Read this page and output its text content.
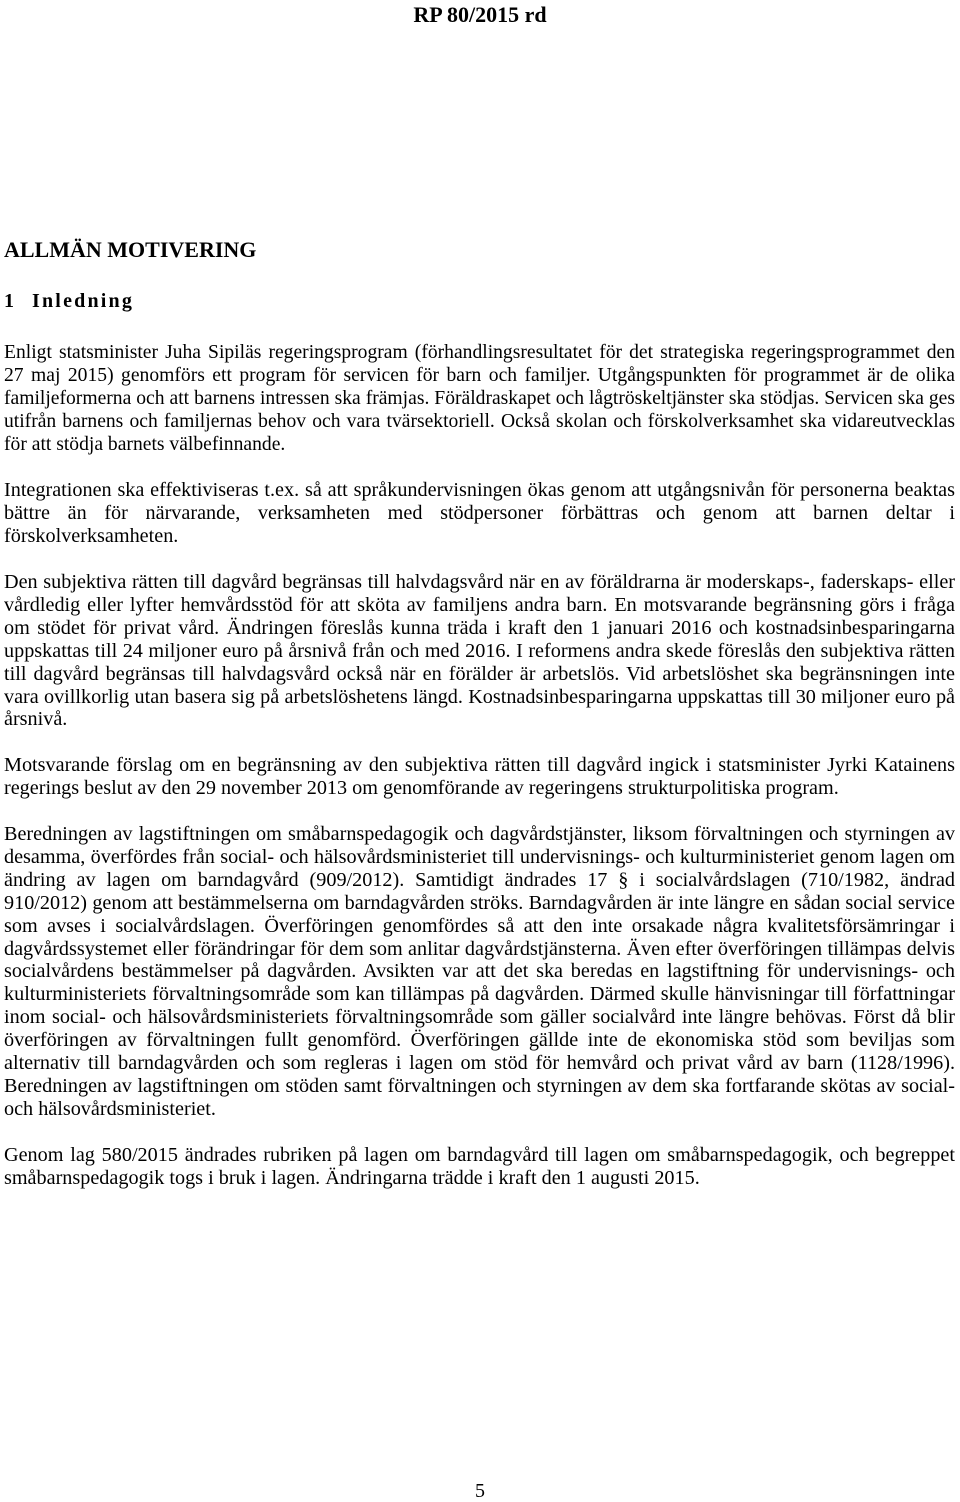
RP 80/2015 rd
ALLMÄN MOTIVERING
1 Inledning

Enligt statsminister Juha Sipiläs regeringsprogram (förhandlingsresultatet för det strategiska regeringsprogrammet den 27 maj 2015) genomförs ett program för servicen för barn och familjer. Utgångspunkten för programmet är de olika familjeformerna och att barnens intressen ska främjas. Föräldraskapet och lågtröskeltjänster ska stödjas. Servicen ska ges utifrån barnens och familjernas behov och vara tvärsektoriell. Också skolan och förskolverksamhet ska vidareutvecklas för att stödja barnets välbefinnande.

Integrationen ska effektiviseras t.ex. så att språkundervisningen ökas genom att utgångsnivån för personerna beaktas bättre än för närvarande, verksamheten med stödpersoner förbättras och genom att barnen deltar i förskolverksamheten.

Den subjektiva rätten till dagvård begränsas till halvdagsvård när en av föräldrarna är moderskaps-, faderskaps- eller vårdledig eller lyfter hemvårdsstöd för att sköta av familjens andra barn. En motsvarande begränsning görs i fråga om stödet för privat vård. Ändringen föreslås kunna träda i kraft den 1 januari 2016 och kostnadsinbesparingarna uppskattas till 24 miljoner euro på årsnivå från och med 2016. I reformens andra skede föreslås den subjektiva rätten till dagvård begränsas till halvdagsvård också när en förälder är arbetslös. Vid arbetslöshet ska begränsningen inte vara ovillkorlig utan basera sig på arbetslöshetens längd. Kostnadsinbesparingarna uppskattas till 30 miljoner euro på årsnivå.

Motsvarande förslag om en begränsning av den subjektiva rätten till dagvård ingick i statsminister Jyrki Katainens regerings beslut av den 29 november 2013 om genomförande av regeringens strukturpolitiska program.

Beredningen av lagstiftningen om småbarnspedagogik och dagvårdstjänster, liksom förvaltningen och styrningen av desamma, överfördes från social- och hälsovårdsministeriet till undervisnings- och kulturministeriet genom lagen om ändring av lagen om barndagvård (909/2012). Samtidigt ändrades 17 § i socialvårdslagen (710/1982, ändrad 910/2012) genom att bestämmelserna om barndagvården ströks. Barndagvården är inte längre en sådan social service som avses i socialvårdslagen. Överföringen genomfördes så att den inte orsakade några kvalitetsförsämringar i dagvårdssystemet eller förändringar för dem som anlitar dagvårdstjänsterna. Även efter överföringen tillämpas delvis socialvårdens bestämmelser på dagvården. Avsikten var att det ska beredas en lagstiftning för undervisnings- och kulturministeriets förvaltningsområde som kan tillämpas på dagvården. Därmed skulle hänvisningar till författningar inom social- och hälsovårdsministeriets förvaltningsområde som gäller socialvård inte längre behövas. Först då blir överföringen av förvaltningen fullt genomförd. Överföringen gällde inte de ekonomiska stöd som beviljas som alternativ till barndagvården och som regleras i lagen om stöd för hemvård och privat vård av barn (1128/1996). Beredningen av lagstiftningen om stöden samt förvaltningen och styrningen av dem ska fortfarande skötas av social- och hälsovårdsministeriet.

Genom lag 580/2015 ändrades rubriken på lagen om barndagvård till lagen om småbarnspedagogik, och begreppet småbarnspedagogik togs i bruk i lagen. Ändringarna trädde i kraft den 1 augusti 2015.

5
